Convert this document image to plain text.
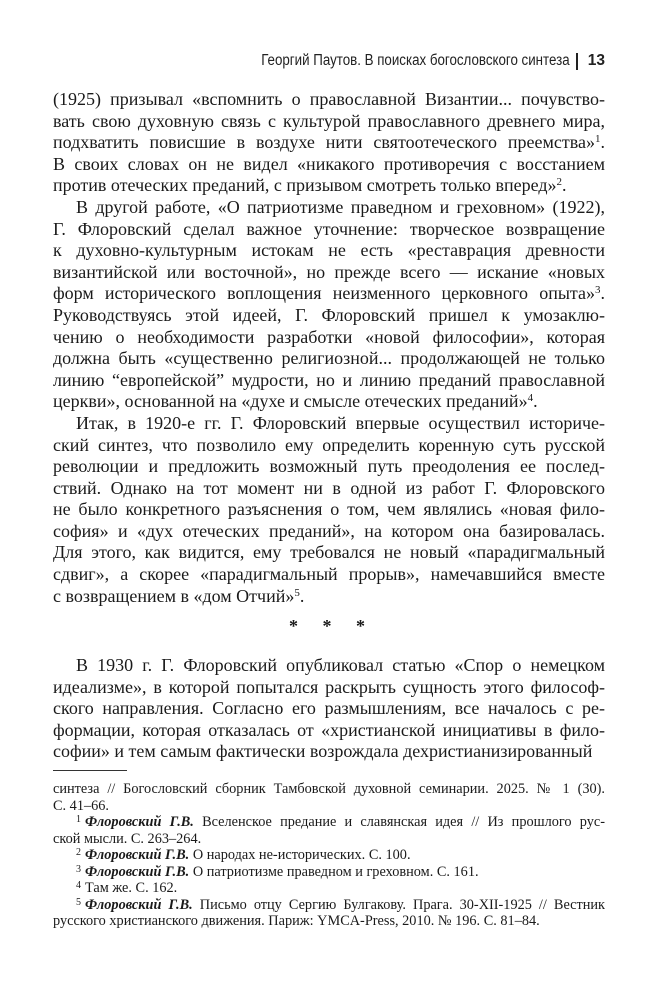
Георгий Паутов. В поисках богословского синтеза 13
(1925) призывал «вспомнить о православной Византии... почувство-
вать свою духовную связь с культурой православного древнего мира,
подхватить повисшие в воздухе нити святоотеческого преемства»$^1$.
В своих словах он не видел «никакого противоречия с восстанием
против отеческих преданий, с призывом смотреть только вперед»$^2$.
В другой работе, «О патриотизме праведном и греховном» (1922),
Г. Флоровский сделал важное уточнение: творческое возвращение
к духовно-культурным истокам не есть «реставрация древности
византийской или восточной», но прежде всего — искание «новых
форм исторического воплощения неизменного церковного опыта»$^3$.
Руководствуясь этой идеей, Г. Флоровский пришел к умозаклю-
чению о необходимости разработки «новой философии», которая
должна быть «существенно религиозной... продолжающей не только
линию “европейской” мудрости, но и линию преданий православной
церкви», основанной на «духе и смысле отеческих преданий»$^4$.
Итак, в 1920-е гг. Г. Флоровский впервые осуществил историче-
ский синтез, что позволило ему определить коренную суть русской
революции и предложить возможный путь преодоления ее послед-
ствий. Однако на тот момент ни в одной из работ Г. Флоровского
не было конкретного разъяснения о том, чем являлись «новая фило-
софия» и «дух отеческих преданий», на котором она базировалась.
Для этого, как видится, ему требовался не новый «парадигмальный
сдвиг», а скорее «парадигмальный прорыв», намечавшийся вместе
с возвращением в «дом Отчий»$^5$.
* * *
В 1930 г. Г. Флоровский опубликовал статью «Спор о немецком
идеализме», в которой попытался раскрыть сущность этого философ-
ского направления. Согласно его размышлениям, все началось с ре-
формации, которая отказалась от «христианской инициативы в фило-
софии» и тем самым фактически возрождала дехристианизированный
синтеза // Богословский сборник Тамбовской духовной семинарии. 2025. № 1 (30).
С. 41–66.
$^1$ Флоровский Г.В. Вселенское предание и славянская идея // Из прошлого рус-
ской мысли. С. 263–264.
$^2$ Флоровский Г.В. О народах не-исторических. С. 100.
$^3$ Флоровский Г.В. О патриотизме праведном и греховном. С. 161.
$^4$ Там же. С. 162.
$^5$ Флоровский Г.В. Письмо отцу Сергию Булгакову. Прага. 30-XII-1925 // Вестник
русского христианского движения. Париж: YMCA-Press, 2010. № 196. С. 81–84.
